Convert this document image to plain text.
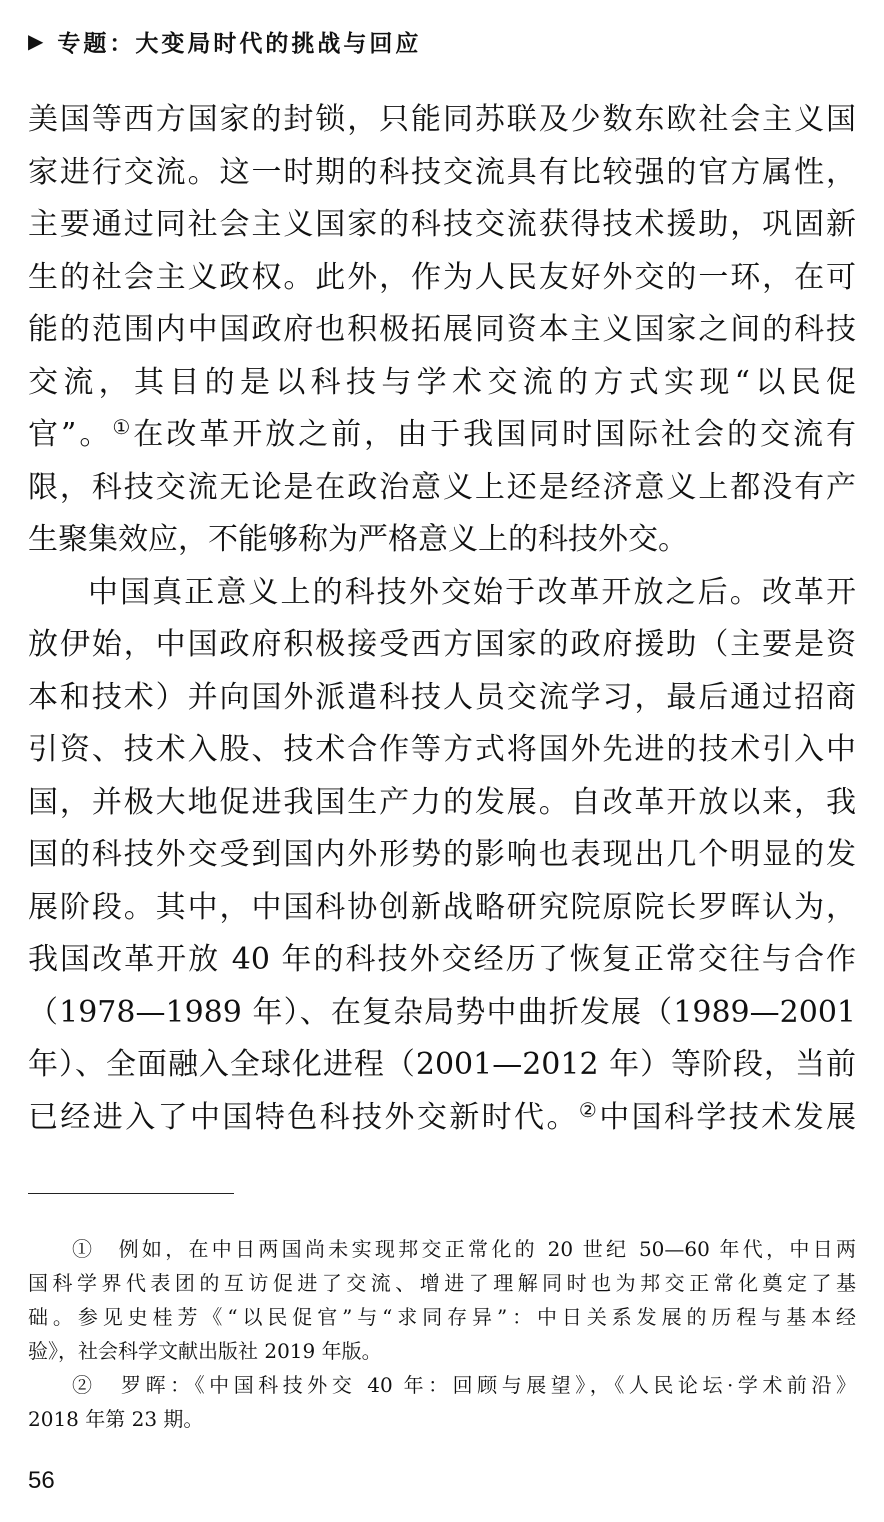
▶ 专题：大变局时代的挑战与回应
美国等西方国家的封锁，只能同苏联及少数东欧社会主义国
家进行交流。这一时期的科技交流具有比较强的官方属性，
主要通过同社会主义国家的科技交流获得技术援助，巩固新
生的社会主义政权。此外，作为人民友好外交的一环，在可
能的范围内中国政府也积极拓展同资本主义国家之间的科技
交流，其目的是以科技与学术交流的方式实现“以民促
官”。①在改革开放之前，由于我国同时国际社会的交流有
限，科技交流无论是在政治意义上还是经济意义上都没有产
生聚集效应，不能够称为严格意义上的科技外交。
中国真正意义上的科技外交始于改革开放之后。改革开
放伊始，中国政府积极接受西方国家的政府援助（主要是资
本和技术）并向国外派遣科技人员交流学习，最后通过招商
引资、技术入股、技术合作等方式将国外先进的技术引入中
国，并极大地促进我国生产力的发展。自改革开放以来，我
国的科技外交受到国内外形势的影响也表现出几个明显的发
展阶段。其中，中国科协创新战略研究院原院长罗晖认为，
我国改革开放 40 年的科技外交经历了恢复正常交往与合作
（1978—1989 年）、在复杂局势中曲折发展（1989—2001
年）、全面融入全球化进程（2001—2012 年）等阶段，当前
已经进入了中国特色科技外交新时代。②中国科学技术发展
①　例如，在中日两国尚未实现邦交正常化的 20 世纪 50—60 年代，中日两
国科学界代表团的互访促进了交流、增进了理解同时也为邦交正常化奠定了基
础。参见史桂芳《“以民促官”与“求同存异”：中日关系发展的历程与基本经
验》，社会科学文献出版社 2019 年版。
②　罗晖：《中国科技外交 40 年：回顾与展望》，《人民论坛·学术前沿》
2018 年第 23 期。
56
